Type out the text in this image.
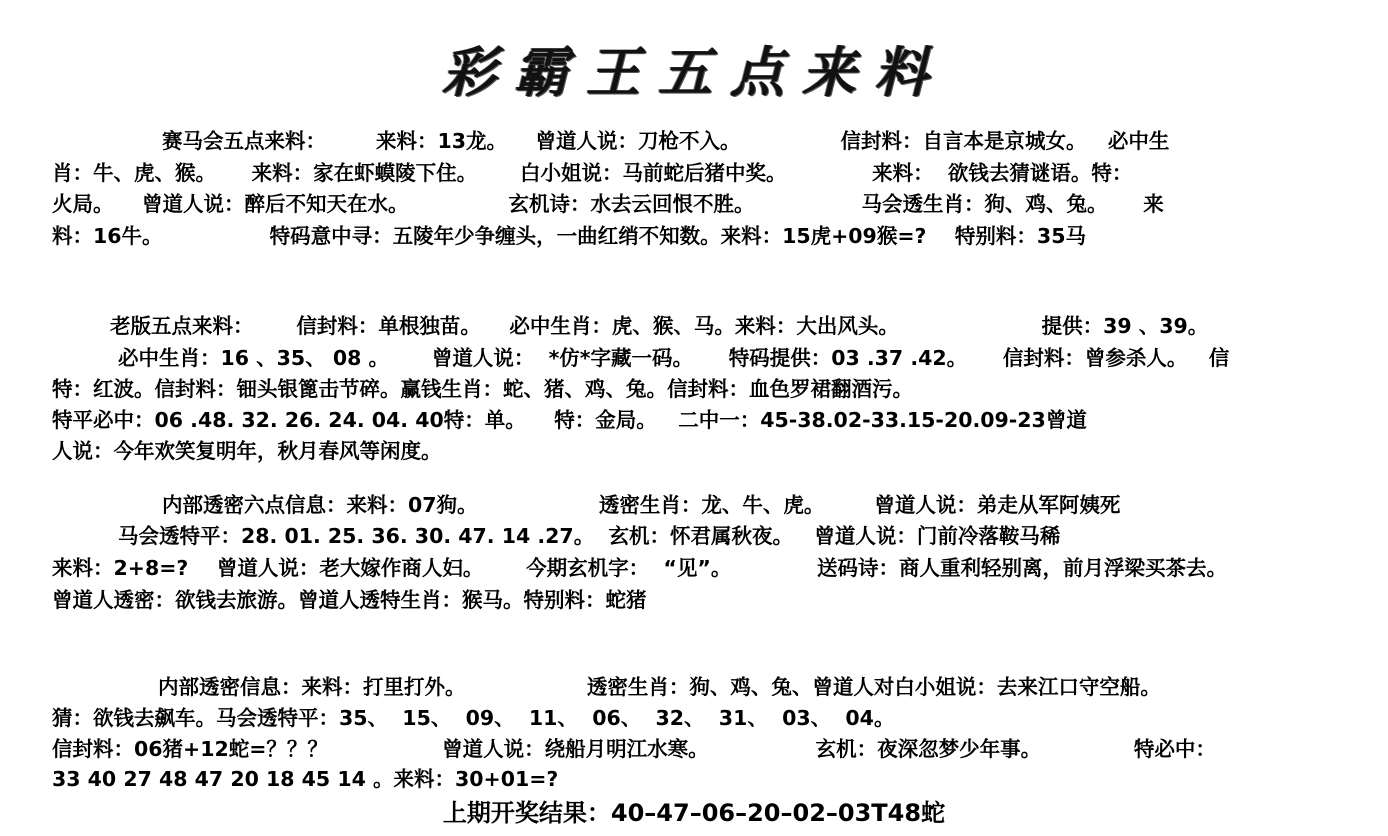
彩霸王五点来料
赛马会五点来料：       来料：13龙。    曾道人说：刀枪不入。              信封料：自言本是京城女。   必中生
肖：牛、虎、猴。     来料：家在虾蟆陵下住。      白小姐说：马前蛇后猪中奖。            来料：  欲钱去猜谜语。特：
火局。    曾道人说：醉后不知天在水。              玄机诗：水去云回恨不胜。               马会透生肖：狗、鸡、兔。     来
料：16牛。               特码意中寻：五陵年少争缠头，一曲红绡不知数。来料：15虎+09猴=?    特别料：35马
老版五点来料：      信封料：单根独苗。    必中生肖：虎、猴、马。来料：大出风头。                    提供：39 、39。
必中生肖：16 、35、 08 。      曾道人说：  *仿*字藏一码。     特码提供：03 .37 .42。     信封料：曾参杀人。   信
特：红波。信封料：钿头银篦击节碎。赢钱生肖：蛇、猪、鸡、兔。信封料：血色罗裙翻酒污。
特平必中：06 .48. 32. 26. 24. 04. 40特：单。    特：金局。   二中一：45-38.02-33.15-20.09-23曾道
人说：今年欢笑复明年，秋月春风等闲度。
内部透密六点信息：来料：07狗。                 透密生肖：龙、牛、虎。       曾道人说：弟走从军阿姨死
马会透特平：28. 01. 25. 36. 30. 47. 14 .27。  玄机：怀君属秋夜。   曾道人说：门前冷落鞍马稀
来料：2+8=?    曾道人说：老大嫁作商人妇。      今期玄机字：  “见”。            送码诗：商人重利轻别离，前月浮梁买茶去。
曾道人透密：欲钱去旅游。曾道人透特生肖：猴马。特别料：蛇猪
内部透密信息：来料：打里打外。                 透密生肖：狗、鸡、兔、曾道人对白小姐说：去来江口守空船。
猜：欲钱去飙车。马会透特平：35、  15、  09、  11、  06、  32、  31、  03、  04。
信封料：06猪+12蛇=？？？                曾道人说：绕船月明江水寒。               玄机：夜深忽梦少年事。             特必中：
33 40 27 48 47 20 18 45 14 。来料：30+01=?
上期开奖结果：40–47–06–20–02–03T48蛇
